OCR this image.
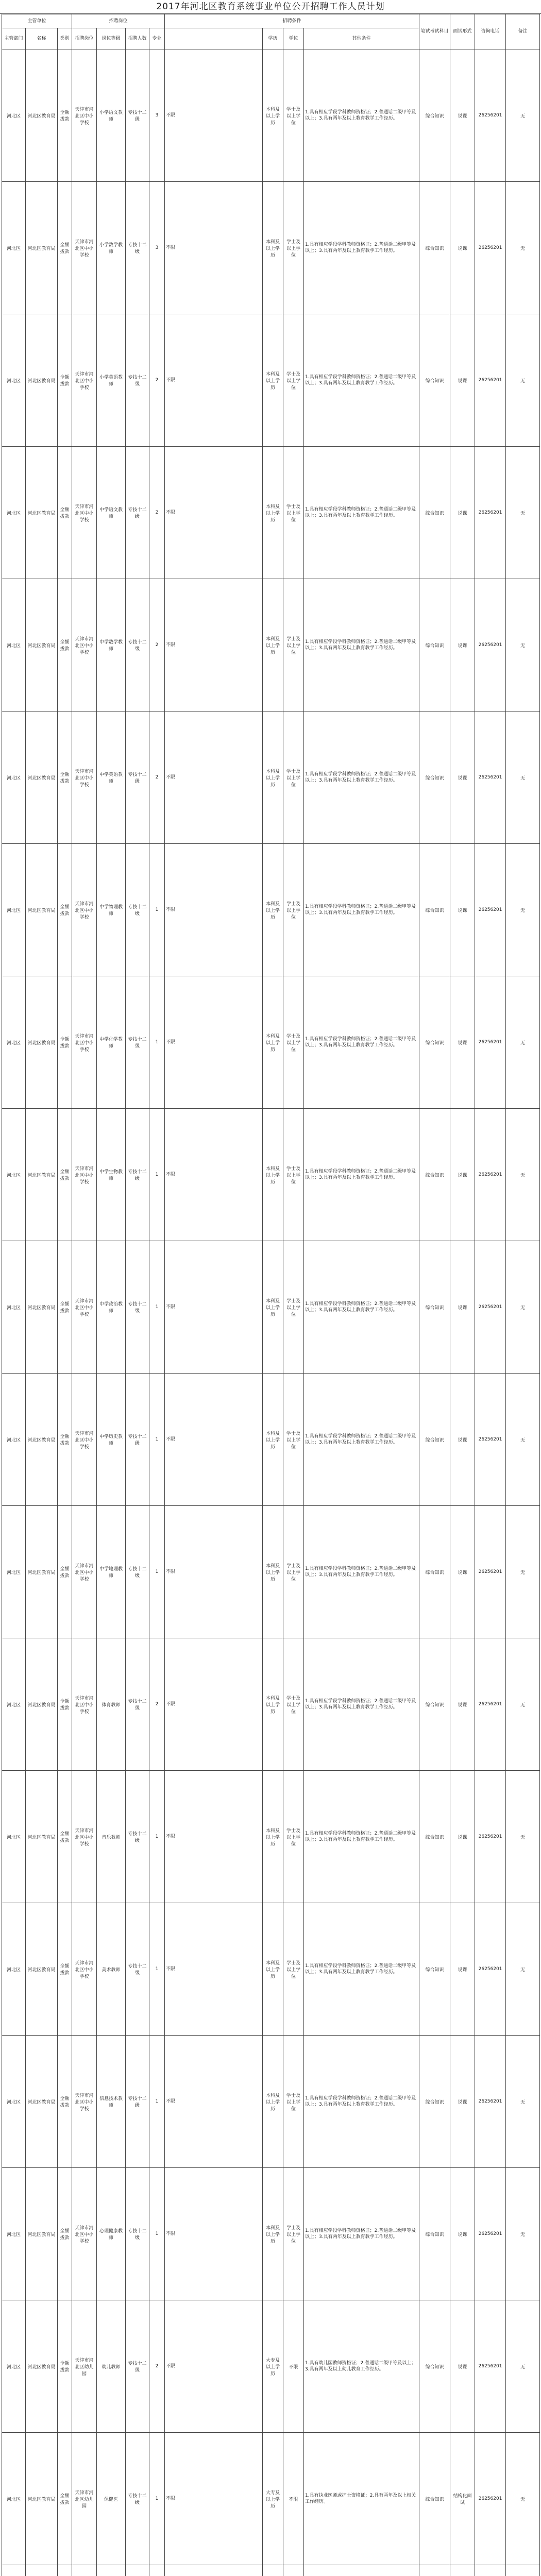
2017年河北区教育系统事业单位公开招聘工作人员计划
主管单位			招聘岗位				招聘条件				笔试考试科目	面试形式	咨询电话	备注
主管部门	名称	类别	招聘岗位	岗位等级	招聘人数	专业		学历	学位	其他条件				
河北区	河北区教育局	全额拨款	天津市河北区中小学校	小学语文教师	专技十二级	3	不限	本科及以上学历	学士及以上学位	1.具有相应学段学科教师资格证；2.普通话二级甲等及以上；3.具有两年及以上教育教学工作经历。	综合知识	说课	26256201	无
河北区	河北区教育局	全额拨款	天津市河北区中小学校	小学数学教师	专技十二级	3	不限	本科及以上学历	学士及以上学位	1.具有相应学段学科教师资格证；2.普通话二级甲等及以上；3.具有两年及以上教育教学工作经历。	综合知识	说课	26256201	无
河北区	河北区教育局	全额拨款	天津市河北区中小学校	小学英语教师	专技十二级	2	不限	本科及以上学历	学士及以上学位	1.具有相应学段学科教师资格证；2.普通话二级甲等及以上；3.具有两年及以上教育教学工作经历。	综合知识	说课	26256201	无
河北区	河北区教育局	全额拨款	天津市河北区中小学校	中学语文教师	专技十二级	2	不限	本科及以上学历	学士及以上学位	1.具有相应学段学科教师资格证；2.普通话二级甲等及以上；3.具有两年及以上教育教学工作经历。	综合知识	说课	26256201	无
河北区	河北区教育局	全额拨款	天津市河北区中小学校	中学数学教师	专技十二级	2	不限	本科及以上学历	学士及以上学位	1.具有相应学段学科教师资格证；2.普通话二级甲等及以上；3.具有两年及以上教育教学工作经历。	综合知识	说课	26256201	无
河北区	河北区教育局	全额拨款	天津市河北区中小学校	中学英语教师	专技十二级	2	不限	本科及以上学历	学士及以上学位	1.具有相应学段学科教师资格证；2.普通话二级甲等及以上；3.具有两年及以上教育教学工作经历。	综合知识	说课	26256201	无
河北区	河北区教育局	全额拨款	天津市河北区中小学校	中学物理教师	专技十二级	1	不限	本科及以上学历	学士及以上学位	1.具有相应学段学科教师资格证；2.普通话二级甲等及以上；3.具有两年及以上教育教学工作经历。	综合知识	说课	26256201	无
河北区	河北区教育局	全额拨款	天津市河北区中小学校	中学化学教师	专技十二级	1	不限	本科及以上学历	学士及以上学位	1.具有相应学段学科教师资格证；2.普通话二级甲等及以上；3.具有两年及以上教育教学工作经历。	综合知识	说课	26256201	无
河北区	河北区教育局	全额拨款	天津市河北区中小学校	中学生物教师	专技十二级	1	不限	本科及以上学历	学士及以上学位	1.具有相应学段学科教师资格证；2.普通话二级甲等及以上；3.具有两年及以上教育教学工作经历。	综合知识	说课	26256201	无
河北区	河北区教育局	全额拨款	天津市河北区中小学校	中学政治教师	专技十二级	1	不限	本科及以上学历	学士及以上学位	1.具有相应学段学科教师资格证；2.普通话二级甲等及以上；3.具有两年及以上教育教学工作经历。	综合知识	说课	26256201	无
河北区	河北区教育局	全额拨款	天津市河北区中小学校	中学历史教师	专技十二级	1	不限	本科及以上学历	学士及以上学位	1.具有相应学段学科教师资格证；2.普通话二级甲等及以上；3.具有两年及以上教育教学工作经历。	综合知识	说课	26256201	无
河北区	河北区教育局	全额拨款	天津市河北区中小学校	中学地理教师	专技十二级	1	不限	本科及以上学历	学士及以上学位	1.具有相应学段学科教师资格证；2.普通话二级甲等及以上；3.具有两年及以上教育教学工作经历。	综合知识	说课	26256201	无
河北区	河北区教育局	全额拨款	天津市河北区中小学校	体育教师	专技十二级	2	不限	本科及以上学历	学士及以上学位	1.具有相应学段学科教师资格证；2.普通话二级甲等及以上；3.具有两年及以上教育教学工作经历。	综合知识	说课	26256201	无
河北区	河北区教育局	全额拨款	天津市河北区中小学校	音乐教师	专技十二级	1	不限	本科及以上学历	学士及以上学位	1.具有相应学段学科教师资格证；2.普通话二级甲等及以上；3.具有两年及以上教育教学工作经历。	综合知识	说课	26256201	无
河北区	河北区教育局	全额拨款	天津市河北区中小学校	美术教师	专技十二级	1	不限	本科及以上学历	学士及以上学位	1.具有相应学段学科教师资格证；2.普通话二级甲等及以上；3.具有两年及以上教育教学工作经历。	综合知识	说课	26256201	无
河北区	河北区教育局	全额拨款	天津市河北区中小学校	信息技术教师	专技十二级	1	不限	本科及以上学历	学士及以上学位	1.具有相应学段学科教师资格证；2.普通话二级甲等及以上；3.具有两年及以上教育教学工作经历。	综合知识	说课	26256201	无
河北区	河北区教育局	全额拨款	天津市河北区中小学校	心理健康教师	专技十二级	1	不限	本科及以上学历	学士及以上学位	1.具有相应学段学科教师资格证；2.普通话二级甲等及以上；3.具有两年及以上教育教学工作经历。	综合知识	说课	26256201	无
河北区	河北区教育局	全额拨款	天津市河北区幼儿园	幼儿教师	专技十二级	2	不限	大专及以上学历	不限	1.具有幼儿园教师资格证；2.普通话二级甲等及以上；3.具有两年及以上幼儿教育工作经历。	综合知识	说课	26256201	无
河北区	河北区教育局	全额拨款	天津市河北区幼儿园	保健医	专技十二级	1	不限	大专及以上学历	不限	1.具有执业医师或护士资格证；2.具有两年及以上相关工作经历。	综合知识	结构化面试	26256201	无
